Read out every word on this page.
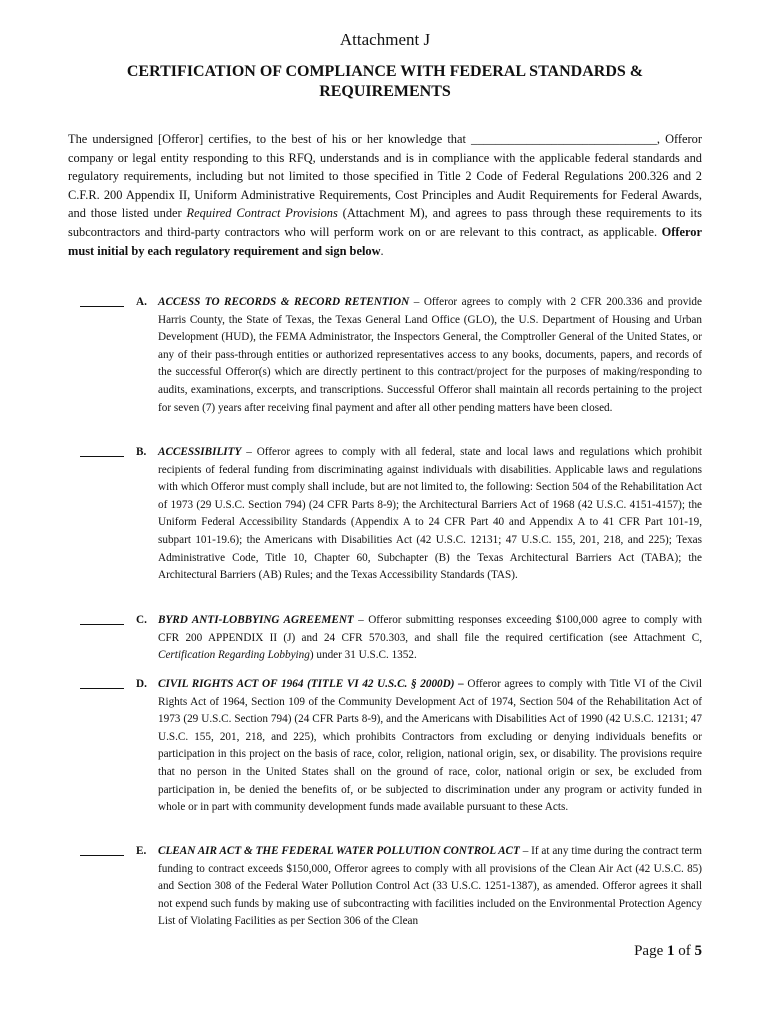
Attachment J
CERTIFICATION OF COMPLIANCE WITH FEDERAL STANDARDS &
REQUIREMENTS
The undersigned [Offeror] certifies, to the best of his or her knowledge that ______________________________, Offeror company or legal entity responding to this RFQ, understands and is in compliance with the applicable federal standards and regulatory requirements, including but not limited to those specified in Title 2 Code of Federal Regulations 200.326 and 2 C.F.R. 200 Appendix II, Uniform Administrative Requirements, Cost Principles and Audit Requirements for Federal Awards, and those listed under Required Contract Provisions (Attachment M), and agrees to pass through these requirements to its subcontractors and third-party contractors who will perform work on or are relevant to this contract, as applicable. Offeror must initial by each regulatory requirement and sign below.
A. ACCESS TO RECORDS & RECORD RETENTION – Offeror agrees to comply with 2 CFR 200.336 and provide Harris County, the State of Texas, the Texas General Land Office (GLO), the U.S. Department of Housing and Urban Development (HUD), the FEMA Administrator, the Inspectors General, the Comptroller General of the United States, or any of their pass-through entities or authorized representatives access to any books, documents, papers, and records of the successful Offeror(s) which are directly pertinent to this contract/project for the purposes of making/responding to audits, examinations, excerpts, and transcriptions. Successful Offeror shall maintain all records pertaining to the project for seven (7) years after receiving final payment and after all other pending matters have been closed.
B. ACCESSIBILITY – Offeror agrees to comply with all federal, state and local laws and regulations which prohibit recipients of federal funding from discriminating against individuals with disabilities. Applicable laws and regulations with which Offeror must comply shall include, but are not limited to, the following: Section 504 of the Rehabilitation Act of 1973 (29 U.S.C. Section 794) (24 CFR Parts 8-9); the Architectural Barriers Act of 1968 (42 U.S.C. 4151-4157); the Uniform Federal Accessibility Standards (Appendix A to 24 CFR Part 40 and Appendix A to 41 CFR Part 101-19, subpart 101-19.6); the Americans with Disabilities Act (42 U.S.C. 12131; 47 U.S.C. 155, 201, 218, and 225); Texas Administrative Code, Title 10, Chapter 60, Subchapter (B) the Texas Architectural Barriers Act (TABA); the Architectural Barriers (AB) Rules; and the Texas Accessibility Standards (TAS).
C. BYRD ANTI-LOBBYING AGREEMENT – Offeror submitting responses exceeding $100,000 agree to comply with CFR 200 APPENDIX II (J) and 24 CFR 570.303, and shall file the required certification (see Attachment C, Certification Regarding Lobbying) under 31 U.S.C. 1352.
D. CIVIL RIGHTS ACT OF 1964 (TITLE VI 42 U.S.C. § 2000D) – Offeror agrees to comply with Title VI of the Civil Rights Act of 1964, Section 109 of the Community Development Act of 1974, Section 504 of the Rehabilitation Act of 1973 (29 U.S.C. Section 794) (24 CFR Parts 8-9), and the Americans with Disabilities Act of 1990 (42 U.S.C. 12131; 47 U.S.C. 155, 201, 218, and 225), which prohibits Contractors from excluding or denying individuals benefits or participation in this project on the basis of race, color, religion, national origin, sex, or disability. The provisions require that no person in the United States shall on the ground of race, color, national origin or sex, be excluded from participation in, be denied the benefits of, or be subjected to discrimination under any program or activity funded in whole or in part with community development funds made available pursuant to these Acts.
E. CLEAN AIR ACT & THE FEDERAL WATER POLLUTION CONTROL ACT – If at any time during the contract term funding to contract exceeds $150,000, Offeror agrees to comply with all provisions of the Clean Air Act (42 U.S.C. 85) and Section 308 of the Federal Water Pollution Control Act (33 U.S.C. 1251-1387), as amended. Offeror agrees it shall not expend such funds by making use of subcontracting with facilities included on the Environmental Protection Agency List of Violating Facilities as per Section 306 of the Clean
Page 1 of 5
